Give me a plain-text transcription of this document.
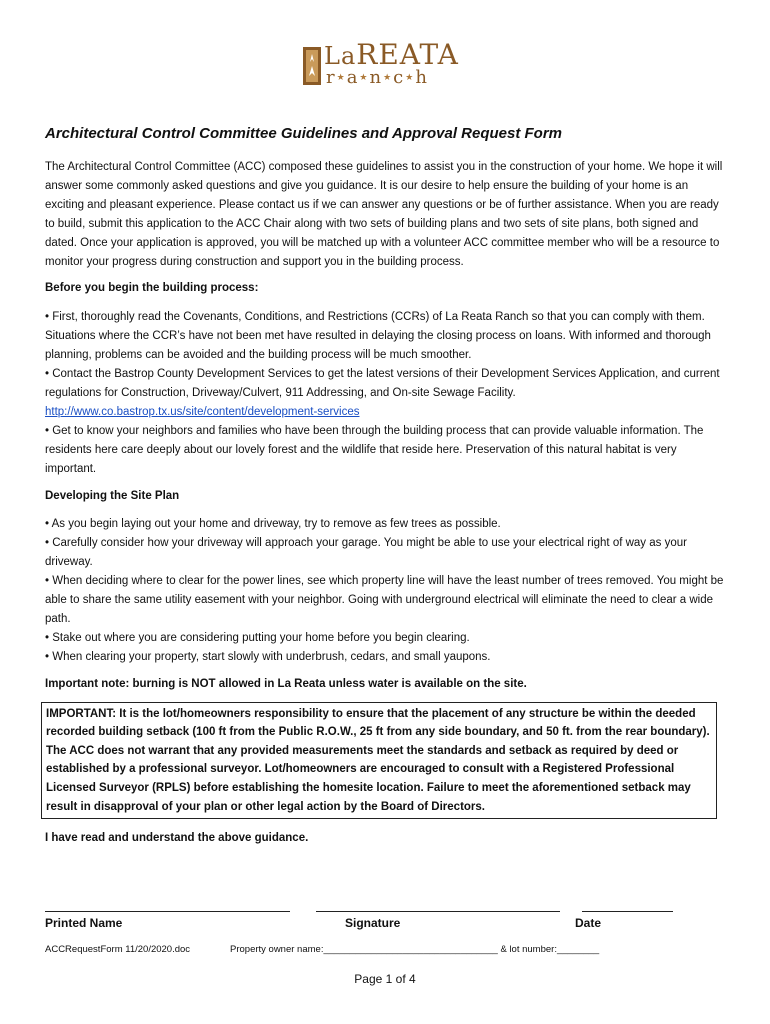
LaREATA
r★a★n★c★h
Architectural Control Committee Guidelines and Approval Request Form

The Architectural Control Committee (ACC) composed these guidelines to assist you in the construction of your home. We hope it will answer some commonly asked questions and give you guidance. It is our desire to help ensure the building of your home is an exciting and pleasant experience. Please contact us if we can answer any questions or be of further assistance. When you are ready to build, submit this application to the ACC Chair along with two sets of building plans and two sets of site plans, both signed and dated. Once your application is approved, you will be matched up with a volunteer ACC committee member who will be a resource to monitor your progress during construction and support you in the building process.

Before you begin the building process:

• First, thoroughly read the Covenants, Conditions, and Restrictions (CCRs) of La Reata Ranch so that you can comply with them. Situations where the CCR’s have not been met have resulted in delaying the closing process on loans. With informed and thorough planning, problems can be avoided and the building process will be much smoother.

• Contact the Bastrop County Development Services to get the latest versions of their Development Services Application, and current regulations for Construction, Driveway/Culvert, 911 Addressing, and On-site Sewage Facility.

http://www.co.bastrop.tx.us/site/content/development-services

• Get to know your neighbors and families who have been through the building process that can provide valuable information. The residents here care deeply about our lovely forest and the wildlife that reside here. Preservation of this natural habitat is very important.

Developing the Site Plan

• As you begin laying out your home and driveway, try to remove as few trees as possible.

• Carefully consider how your driveway will approach your garage. You might be able to use your electrical right of way as your driveway.

• When deciding where to clear for the power lines, see which property line will have the least number of trees removed. You might be able to share the same utility easement with your neighbor. Going with underground electrical will eliminate the need to clear a wide path.

• Stake out where you are considering putting your home before you begin clearing.

• When clearing your property, start slowly with underbrush, cedars, and small yaupons.

Important note: burning is NOT allowed in La Reata unless water is available on the site.

IMPORTANT: It is the lot/homeowners responsibility to ensure that the placement of any structure be within the deeded recorded building setback (100 ft from the Public R.O.W., 25 ft from any side boundary, and 50 ft. from the rear boundary). The ACC does not warrant that any provided measurements meet the standards and setback as required by deed or established by a professional surveyor. Lot/homeowners are encouraged to consult with a Registered Professional Licensed Surveyor (RPLS) before establishing the homesite location. Failure to meet the aforementioned setback may result in disapproval of your plan or other legal action by the Board of Directors.

I have read and understand the above guidance.

Printed Name	Signature	Date
ACCRequestForm 11/20/2020.doc	Property owner name:_________________________________ & lot number:________
Page 1 of 4
